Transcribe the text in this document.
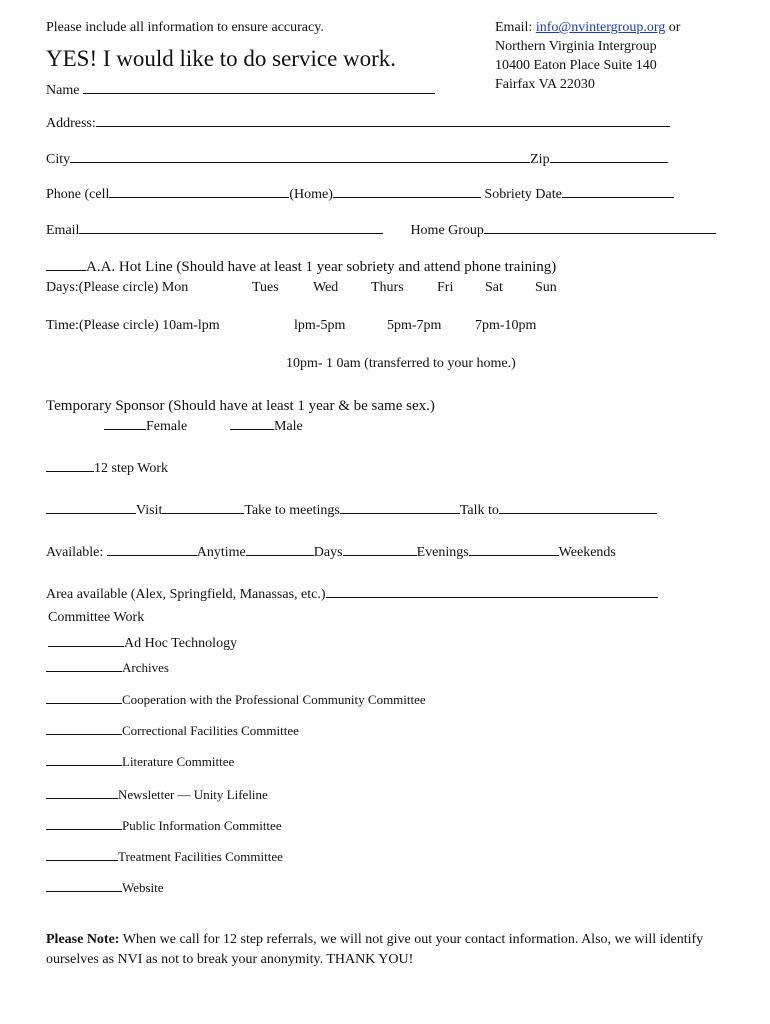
Please include all information to ensure accuracy.
YES! I would like to do service work.
Email: info@nvintergroup.org or
Northern Virginia Intergroup
10400 Eaton Place Suite 140
Fairfax VA 22030
Name
Address:
City	Zip
Phone (cell	(Home)	Sobriety Date
Email	Home Group
A.A. Hot Line (Should have at least 1 year sobriety and attend phone training)
Days:(Please circle) Mon	Tues Wed Thurs Fri Sat Sun
Time:(Please circle) 10am-lpm	lpm-5pm	5pm-7pm 7pm-10pm
10pm- 1 0am (transferred to your home.)
Temporary Sponsor (Should have at least 1 year & be same sex.)
Female	Male
12 step Work
Visit	Take to meetings	Talk to
Available:	Anytime	Days	Evenings	Weekends
Area available (Alex, Springfield, Manassas, etc.)
Committee Work
Ad Hoc Technology
Archives
Cooperation with the Professional Community Committee
Correctional Facilities Committee
Literature Committee
Newsletter — Unity Lifeline
Public Information Committee
Treatment Facilities Committee
Website
Please Note: When we call for 12 step referrals, we will not give out your contact information. Also, we will identify ourselves as NVI as not to break your anonymity. THANK YOU!
